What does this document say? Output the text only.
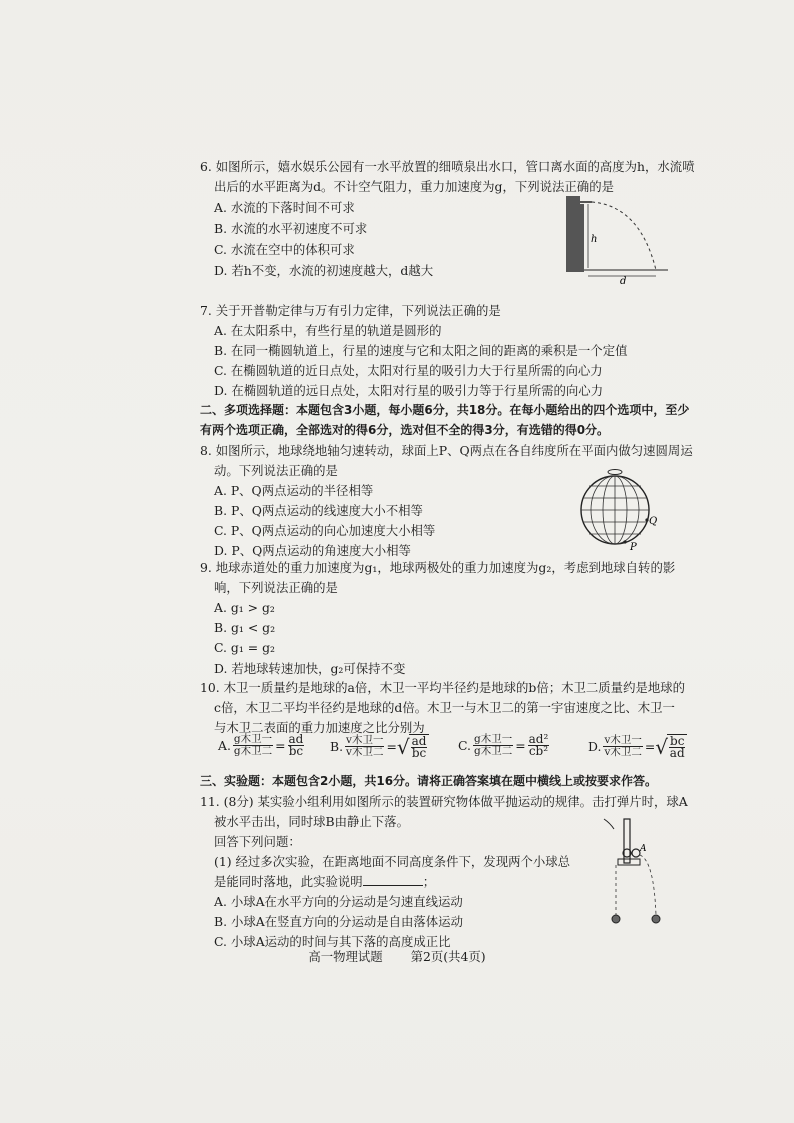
6. 如图所示，嬉水娱乐公园有一水平放置的细喷泉出水口，管口离水面的高度为h，水流喷
出后的水平距离为d。不计空气阻力，重力加速度为g，下列说法正确的是
A. 水流的下落时间不可求
B. 水流的水平初速度不可求
C. 水流在空中的体积可求
D. 若h不变，水流的初速度越大，d越大
h
d
7. 关于开普勒定律与万有引力定律，下列说法正确的是
A. 在太阳系中，有些行星的轨道是圆形的
B. 在同一椭圆轨道上，行星的速度与它和太阳之间的距离的乘积是一个定值
C. 在椭圆轨道的近日点处，太阳对行星的吸引力大于行星所需的向心力
D. 在椭圆轨道的远日点处，太阳对行星的吸引力等于行星所需的向心力
二、多项选择题：本题包含3小题，每小题6分，共18分。在每小题给出的四个选项中，至少
有两个选项正确，全部选对的得6分，选对但不全的得3分，有选错的得0分。
8. 如图所示，地球绕地轴匀速转动，球面上P、Q两点在各自纬度所在平面内做匀速圆周运
动。下列说法正确的是
A. P、Q两点运动的半径相等
B. P、Q两点运动的线速度大小不相等
C. P、Q两点运动的向心加速度大小相等
D. P、Q两点运动的角速度大小相等
Q
P
9. 地球赤道处的重力加速度为g₁，地球两极处的重力加速度为g₂，考虑到地球自转的影
响，下列说法正确的是
A. g₁ > g₂
B. g₁ < g₂
C. g₁ = g₂
D. 若地球转速加快，g₂可保持不变
10. 木卫一质量约是地球的a倍，木卫一平均半径约是地球的b倍；木卫二质量约是地球的
c倍，木卫二平均半径约是地球的d倍。木卫一与木卫二的第一宇宙速度之比、木卫一
与木卫二表面的重力加速度之比分别为
A. $\frac{\text{g木卫一}}{\text{g木卫二}} = \frac{ad}{bc} B$. $\frac{\text{v木卫一}}{\text{v木卫二}}$ = √ $\frac{ad}{bc} C$. $\frac{\text{g木卫一}}{\text{g木卫二}} = \frac{\text{ad²}}{\text{cb²}}$	D. $\frac{\text{v木卫一}}{\text{v木卫二}}$ = √ $\frac{bc}{ad}$
三、实验题：本题包含2小题，共16分。请将正确答案填在题中横线上或按要求作答。
11. (8分) 某实验小组利用如图所示的装置研究物体做平抛运动的规律。击打弹片时，球A
被水平击出，同时球B由静止下落。
回答下列问题：
(1) 经过多次实验，在距离地面不同高度条件下，发现两个小球总
是能同时落地，此实验说明	；
A. 小球A在水平方向的分运动是匀速直线运动
B. 小球A在竖直方向的分运动是自由落体运动
C. 小球A运动的时间与其下落的高度成正比
A
高一物理试题 第2页(共4页)
